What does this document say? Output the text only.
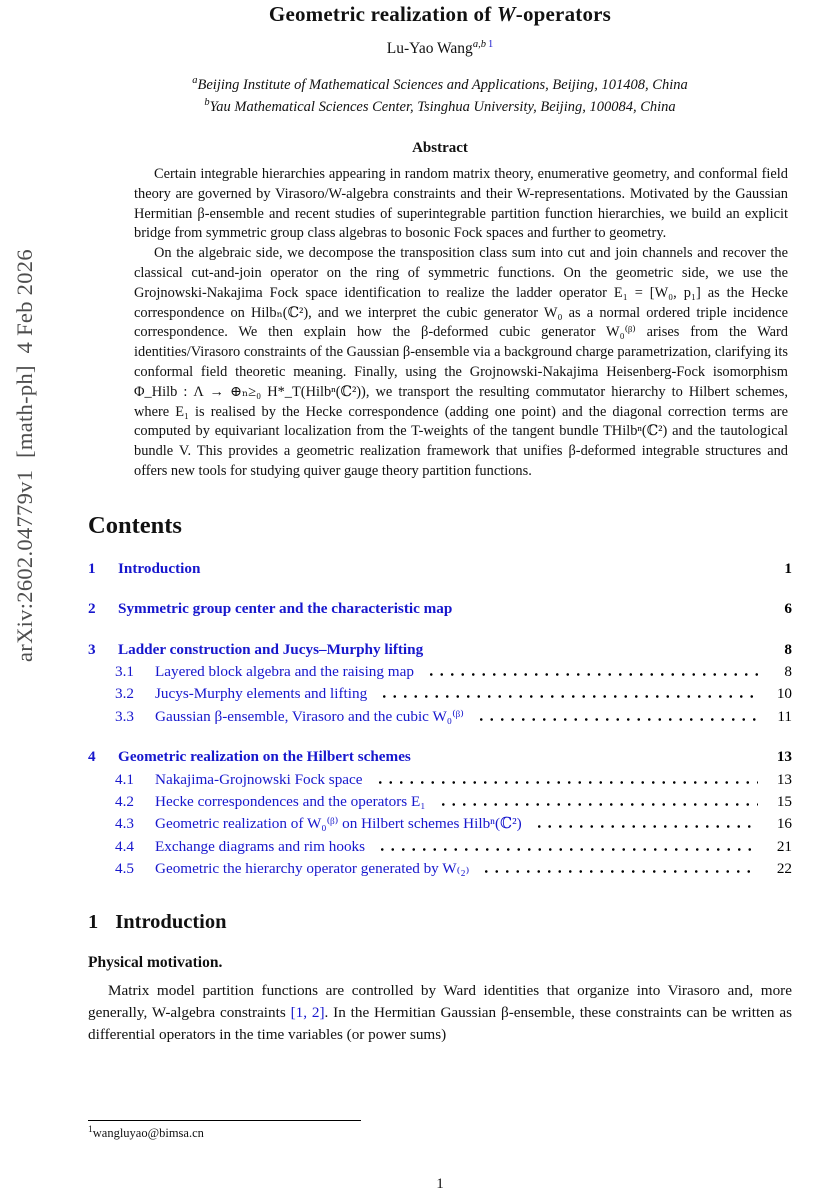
arXiv:2602.04779v1  [math-ph]  4 Feb 2026
Geometric realization of W-operators
Lu-Yao Wang$^{a,b}$ $^1$
$^a$Beijing Institute of Mathematical Sciences and Applications, Beijing, 101408, China
$^b$Yau Mathematical Sciences Center, Tsinghua University, Beijing, 100084, China
Abstract

Certain integrable hierarchies appearing in random matrix theory, enumerative geometry, and conformal field theory are governed by Virasoro/W-algebra constraints and their W-representations. Motivated by the Gaussian Hermitian β-ensemble and recent studies of superintegrable partition function hierarchies, we build an explicit bridge from symmetric group class algebras to bosonic Fock spaces and further to geometry.

On the algebraic side, we decompose the transposition class sum into cut and join channels and recover the classical cut-and-join operator on the ring of symmetric functions. On the geometric side, we use the Grojnowski-Nakajima Fock space identification to realize the ladder operator E₁ = [W₀, p₁] as the Hecke correspondence on Hilbₙ(ℂ²), and we interpret the cubic generator W₀ as a normal ordered triple incidence correspondence. We then explain how the β-deformed cubic generator W₀⁽ᵝ⁾ arises from the Ward identities/Virasoro constraints of the Gaussian β-ensemble via a background charge parametrization, clarifying its conformal field theoretic meaning. Finally, using the Grojnowski-Nakajima Heisenberg-Fock isomorphism Φ_Hilb : Λ → ⊕ₙ≥₀ H*_T(Hilbⁿ(ℂ²)), we transport the resulting commutator hierarchy to Hilbert schemes, where E₁ is realised by the Hecke correspondence (adding one point) and the diagonal correction terms are computed by equivariant localization from the T-weights of the tangent bundle THilbⁿ(ℂ²) and the tautological bundle V. This provides a geometric realization framework that unifies β-deformed integrable structures and offers new tools for studying quiver gauge theory partition functions.

Contents
1	Introduction	1
2	Symmetric group center and the characteristic map	6
3	Ladder construction and Jucys–Murphy lifting	8
3.1	Layered block algebra and the raising map	8
3.2	Jucys-Murphy elements and lifting	10
3.3	Gaussian β-ensemble, Virasoro and the cubic W₀⁽ᵝ⁾	11
4	Geometric realization on the Hilbert schemes	13
4.1	Nakajima-Grojnowski Fock space	13
4.2	Hecke correspondences and the operators E₁	15
4.3	Geometric realization of W₀⁽ᵝ⁾ on Hilbert schemes Hilbⁿ(ℂ²)	16
4.4	Exchange diagrams and rim hooks	21
4.5	Geometric the hierarchy operator generated by W₍₂₎	22
1 Introduction
Physical motivation.

Matrix model partition functions are controlled by Ward identities that organize into Virasoro and, more generally, W-algebra constraints [1, 2]. In the Hermitian Gaussian β-ensemble, these constraints can be written as differential operators in the time variables (or power sums)

$^1$wangluyao@bimsa.cn
1
